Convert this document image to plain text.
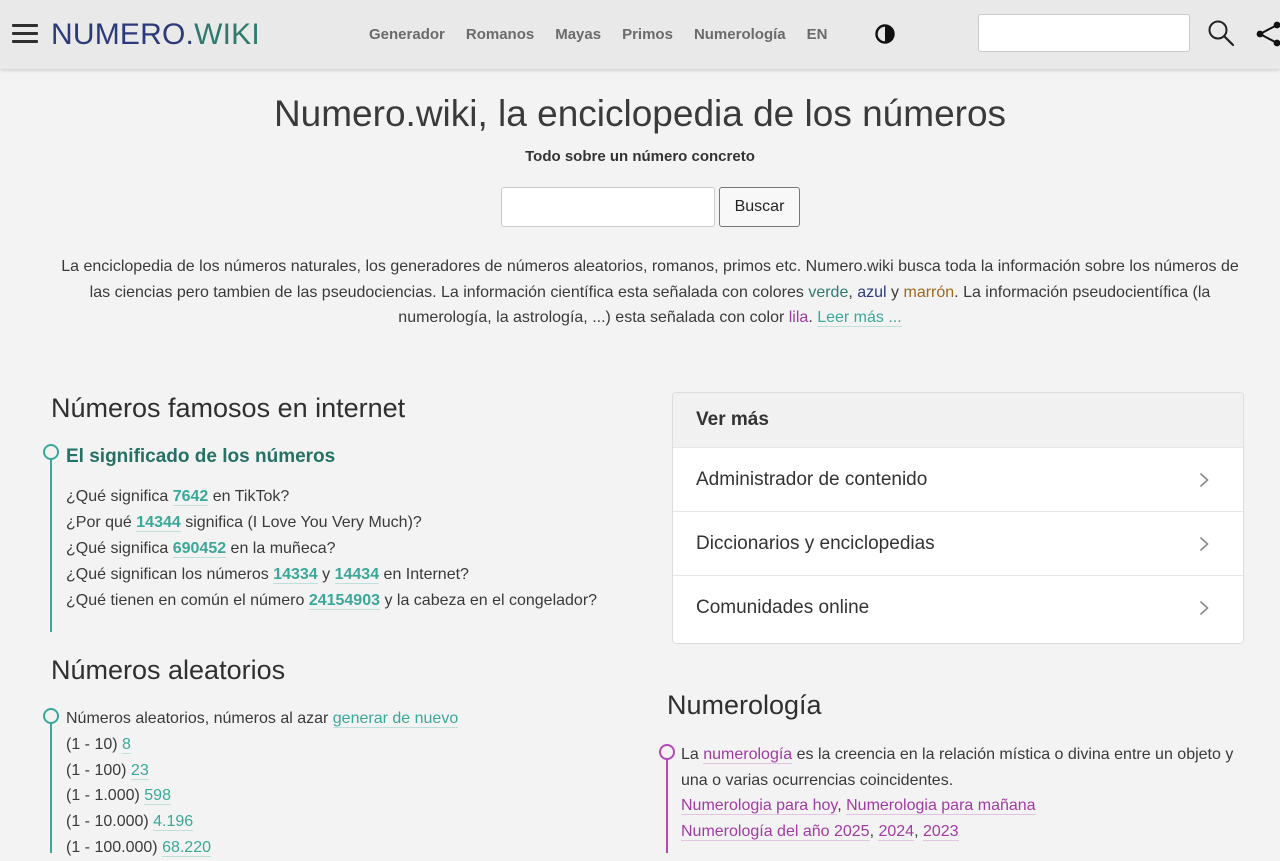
NUMERO.WIKI	Generador Romanos Mayas Primos Numerología EN
Numero.wiki, la enciclopedia de los números
Todo sobre un número concreto
Buscar

La enciclopedia de los números naturales, los generadores de números aleatorios, romanos, primos etc. Numero.wiki busca toda la información sobre los números de las ciencias pero tambien de las pseudociencias. La información científica esta señalada con colores verde, azul y marrón. La información pseudocientífica (la numerología, la astrología, ...) esta señalada con color lila. Leer más ...

Números famosos en internet
El significado de los números
¿Qué significa 7642 en TikTok?
¿Por qué 14344 significa (I Love You Very Much)?
¿Qué significa 690452 en la muñeca?
¿Qué significan los números 14334 y 14434 en Internet?
¿Qué tienen en común el número 24154903 y la cabeza en el congelador?
Números aleatorios
Números aleatorios, números al azar generar de nuevo
(1 - 10) 8
(1 - 100) 23
(1 - 1.000) 598
(1 - 10.000) 4.196
(1 - 100.000) 68.220
Ver más
Administrador de contenido
Diccionarios y enciclopedias
Comunidades online
Numerología
La numerología es la creencia en la relación mística o divina entre un objeto y una o varias ocurrencias coincidentes.
Numerologia para hoy, Numerologia para mañana
Numerología del año 2025, 2024, 2023
